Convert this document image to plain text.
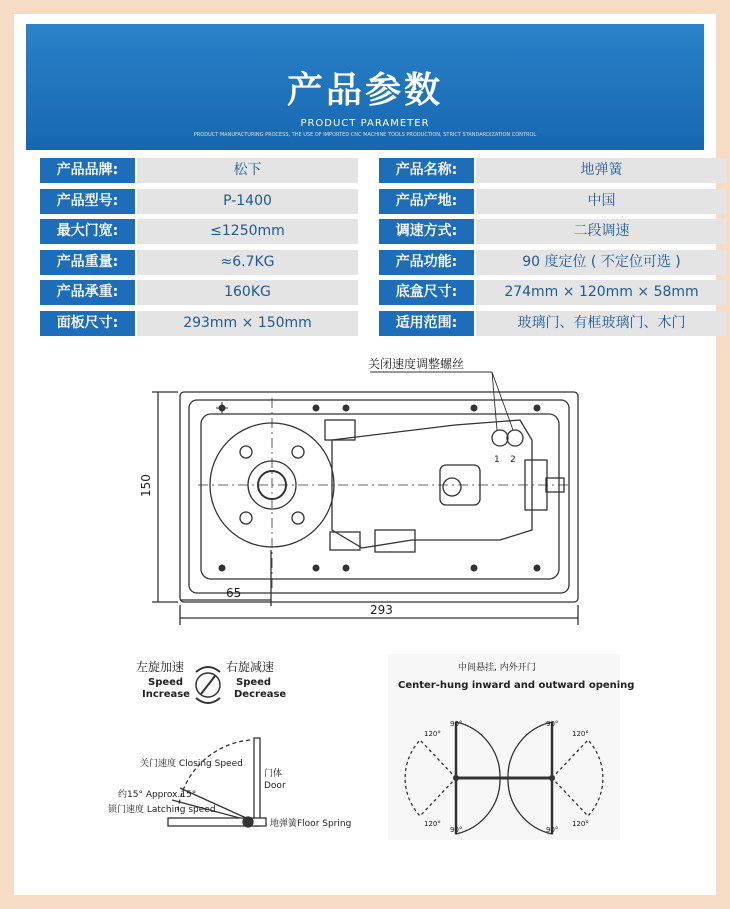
产品参数
PRODUCT PARAMETER
PRODUCT MANUFACTURING PROCESS, THE USE OF IMPORTED CNC MACHINE TOOLS PRODUCTION, STRICT STANDARDIZATION CONTROL
产品品牌:	松下	产品名称:	地弹簧
产品型号:	P-1400	产品产地:	中国
最大门宽:	≤1250mm	调速方式:	二段调速
产品重量:	≈6.7KG	产品功能:	90 度定位 ( 不定位可选 )
产品承重:	160KG	底盒尺寸:	274mm × 120mm × 58mm
面板尺寸:	293mm × 150mm	适用范围:	玻璃门、有框玻璃门、木门
关闭速度调整螺丝
1 2
150
65
293
左旋加速
Speed
Increase
右旋减速
Speed
Decrease
关门速度 Closing Speed
门体
Door
约15° Approx.15°
锁门速度 Latching speed
地弹簧Floor Spring
中间悬挂, 内外开门
Center-hung inward and outward opening
90°	90°
90°	90°
120°	120°
120°	120°
